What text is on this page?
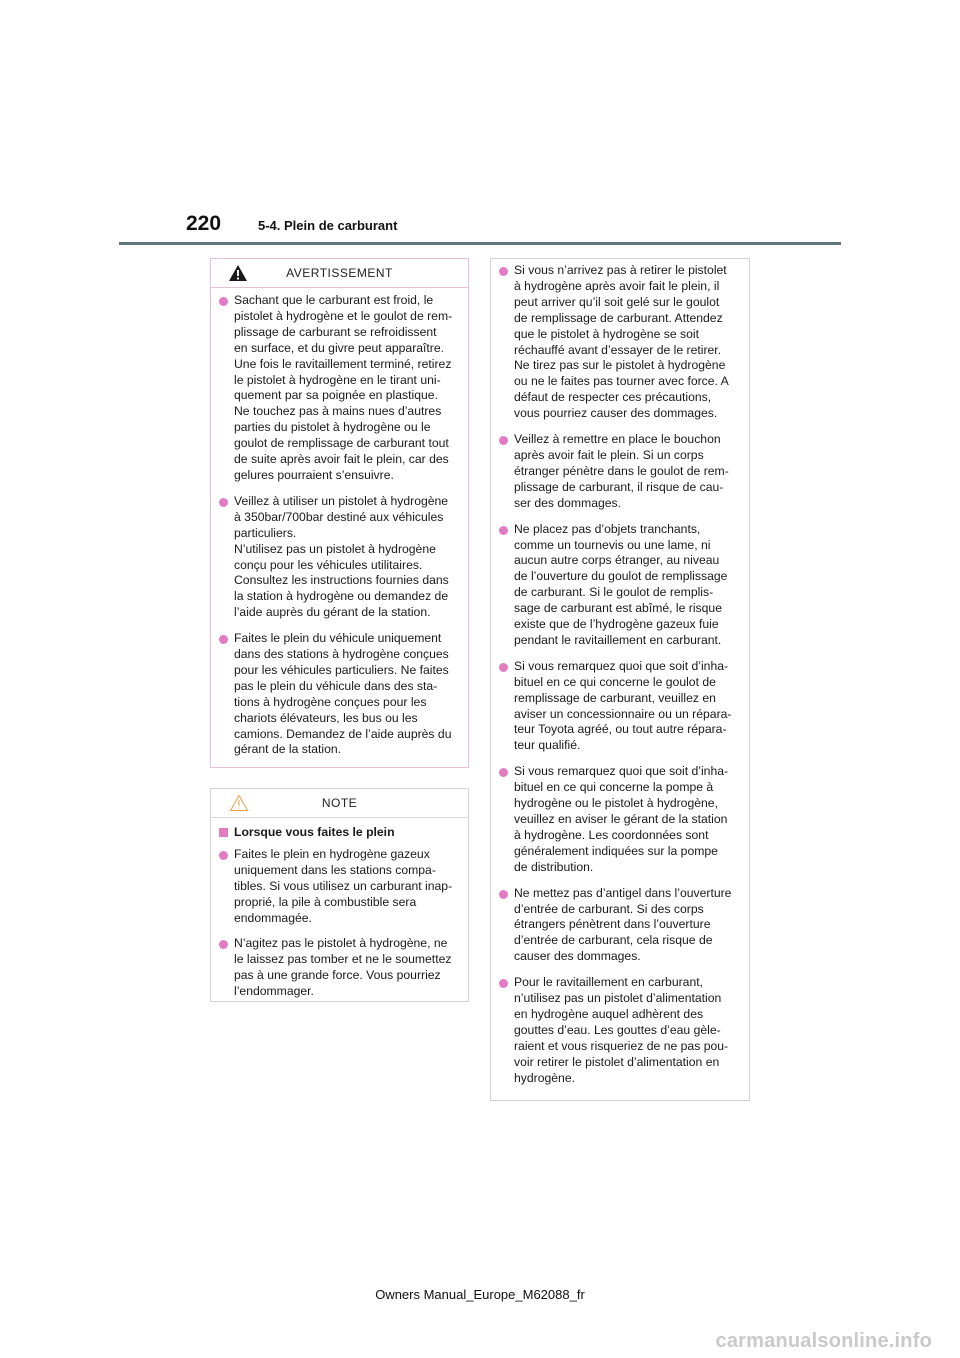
220	5-4. Plein de carburant
AVERTISSEMENT
Sachant que le carburant est froid, le
pistolet à hydrogène et le goulot de rem-
plissage de carburant se refroidissent
en surface, et du givre peut apparaître.
Une fois le ravitaillement terminé, retirez
le pistolet à hydrogène en le tirant uni-
quement par sa poignée en plastique.
Ne touchez pas à mains nues d’autres
parties du pistolet à hydrogène ou le
goulot de remplissage de carburant tout
de suite après avoir fait le plein, car des
gelures pourraient s’ensuivre.
Veillez à utiliser un pistolet à hydrogène
à 350bar/700bar destiné aux véhicules
particuliers.
N’utilisez pas un pistolet à hydrogène
conçu pour les véhicules utilitaires.
Consultez les instructions fournies dans
la station à hydrogène ou demandez de
l’aide auprès du gérant de la station.
Faites le plein du véhicule uniquement
dans des stations à hydrogène conçues
pour les véhicules particuliers. Ne faites
pas le plein du véhicule dans des sta-
tions à hydrogène conçues pour les
chariots élévateurs, les bus ou les
camions. Demandez de l’aide auprès du
gérant de la station.
NOTE
Lorsque vous faites le plein
Faites le plein en hydrogène gazeux
uniquement dans les stations compa-
tibles. Si vous utilisez un carburant inap-
proprié, la pile à combustible sera
endommagée.
N’agitez pas le pistolet à hydrogène, ne
le laissez pas tomber et ne le soumettez
pas à une grande force. Vous pourriez
l’endommager.
Si vous n’arrivez pas à retirer le pistolet
à hydrogène après avoir fait le plein, il
peut arriver qu’il soit gelé sur le goulot
de remplissage de carburant. Attendez
que le pistolet à hydrogène se soit
réchauffé avant d’essayer de le retirer.
Ne tirez pas sur le pistolet à hydrogène
ou ne le faites pas tourner avec force. A
défaut de respecter ces précautions,
vous pourriez causer des dommages.
Veillez à remettre en place le bouchon
après avoir fait le plein. Si un corps
étranger pénètre dans le goulot de rem-
plissage de carburant, il risque de cau-
ser des dommages.
Ne placez pas d’objets tranchants,
comme un tournevis ou une lame, ni
aucun autre corps étranger, au niveau
de l’ouverture du goulot de remplissage
de carburant. Si le goulot de remplis-
sage de carburant est abîmé, le risque
existe que de l’hydrogène gazeux fuie
pendant le ravitaillement en carburant.
Si vous remarquez quoi que soit d’inha-
bituel en ce qui concerne le goulot de
remplissage de carburant, veuillez en
aviser un concessionnaire ou un répara-
teur Toyota agréé, ou tout autre répara-
teur qualifié.
Si vous remarquez quoi que soit d’inha-
bituel en ce qui concerne la pompe à
hydrogène ou le pistolet à hydrogène,
veuillez en aviser le gérant de la station
à hydrogène. Les coordonnées sont
généralement indiquées sur la pompe
de distribution.
Ne mettez pas d’antigel dans l’ouverture
d’entrée de carburant. Si des corps
étrangers pénètrent dans l’ouverture
d’entrée de carburant, cela risque de
causer des dommages.
Pour le ravitaillement en carburant,
n’utilisez pas un pistolet d’alimentation
en hydrogène auquel adhèrent des
gouttes d’eau. Les gouttes d’eau gèle-
raient et vous risqueriez de ne pas pou-
voir retirer le pistolet d’alimentation en
hydrogène.
Owners Manual_Europe_M62088_fr
carmanualsonline.info
